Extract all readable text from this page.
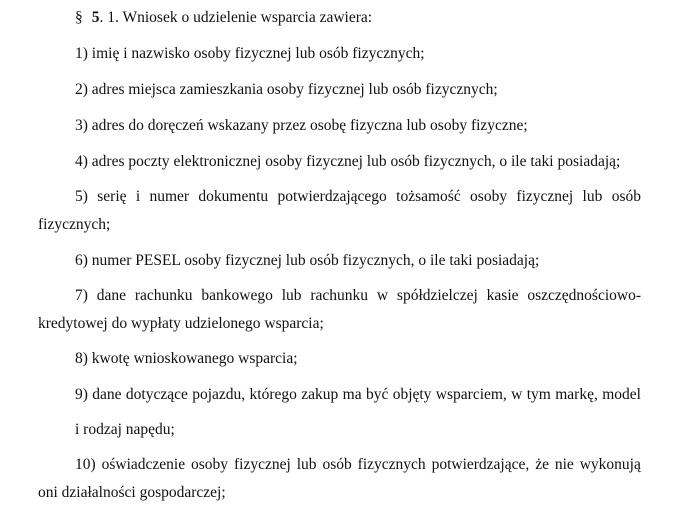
§ 5. 1. Wniosek o udzielenie wsparcia zawiera:
1) imię i nazwisko osoby fizycznej lub osób fizycznych;
2) adres miejsca zamieszkania osoby fizycznej lub osób fizycznych;
3) adres do doręczeń wskazany przez osobę fizyczna lub osoby fizyczne;
4) adres poczty elektronicznej osoby fizycznej lub osób fizycznych, o ile taki posiadają;
5) serię i numer dokumentu potwierdzającego tożsamość osoby fizycznej lub osób
fizycznych;
6) numer PESEL osoby fizycznej lub osób fizycznych, o ile taki posiadają;
7) dane rachunku bankowego lub rachunku w spółdzielczej kasie oszczędnościowo-
kredytowej do wypłaty udzielonego wsparcia;
8) kwotę wnioskowanego wsparcia;
9) dane dotyczące pojazdu, którego zakup ma być objęty wsparciem, w tym markę, model
i rodzaj napędu;
10) oświadczenie osoby fizycznej lub osób fizycznych potwierdzające, że nie wykonują
oni działalności gospodarczej;
